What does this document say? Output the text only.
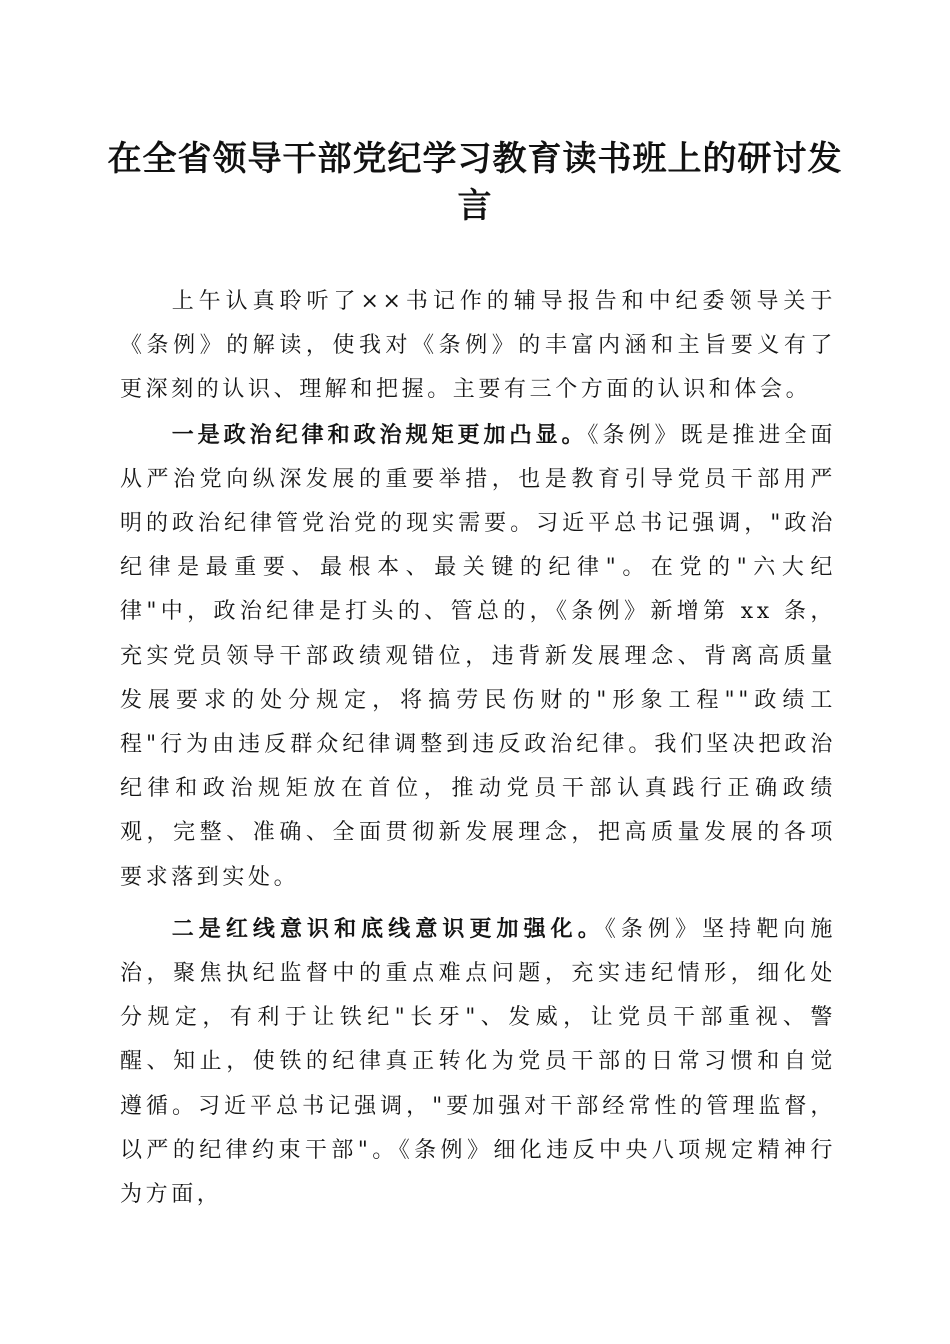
在全省领导干部党纪学习教育读书班上的研讨发言

上午认真聆听了××书记作的辅导报告和中纪委领导关于《条例》的解读，使我对《条例》的丰富内涵和主旨要义有了更深刻的认识、理解和把握。主要有三个方面的认识和体会。

一是政治纪律和政治规矩更加凸显。《条例》既是推进全面从严治党向纵深发展的重要举措，也是教育引导党员干部用严明的政治纪律管党治党的现实需要。习近平总书记强调，"政治纪律是最重要、最根本、最关键的纪律"。在党的"六大纪律"中，政治纪律是打头的、管总的，《条例》新增第 xx 条，充实党员领导干部政绩观错位，违背新发展理念、背离高质量发展要求的处分规定，将搞劳民伤财的"形象工程""政绩工程"行为由违反群众纪律调整到违反政治纪律。我们坚决把政治纪律和政治规矩放在首位，推动党员干部认真践行正确政绩观，完整、准确、全面贯彻新发展理念，把高质量发展的各项要求落到实处。

二是红线意识和底线意识更加强化。《条例》坚持靶向施治，聚焦执纪监督中的重点难点问题，充实违纪情形，细化处分规定，有利于让铁纪"长牙"、发威，让党员干部重视、警醒、知止，使铁的纪律真正转化为党员干部的日常习惯和自觉遵循。习近平总书记强调，"要加强对干部经常性的管理监督，以严的纪律约束干部"。《条例》细化违反中央八项规定精神行为方面，
